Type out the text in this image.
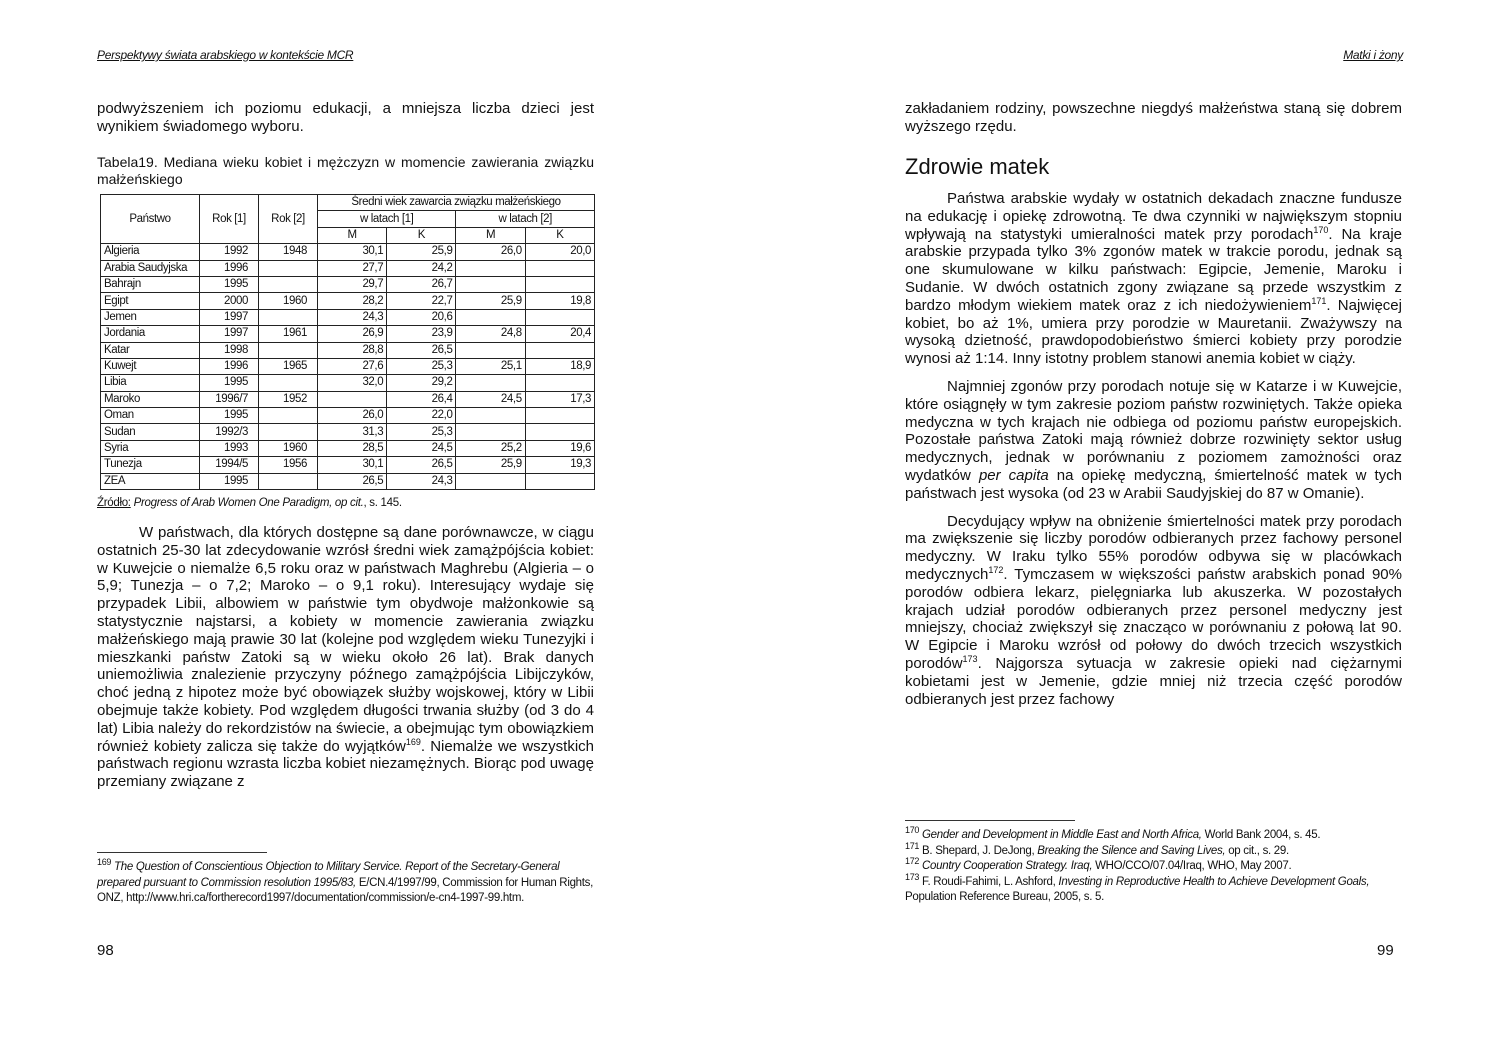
Perspektywy świata arabskiego w kontekście MCR

podwyższeniem ich poziomu edukacji, a mniejsza liczba dzieci jest wynikiem świadomego wyboru.

Tabela19. Mediana wieku kobiet i mężczyzn w momencie zawierania związku małżeńskiego
Państwo	Rok [1]	Rok [2]	Średni wiek zawarcia związku małżeńskiego			
			w latach [1]		w latach [2]	
			M	K	M	K
Algieria	1992	1948	30,1	25,9	26,0	20,0
Arabia Saudyjska	1996		27,7	24,2		
Bahrajn	1995		29,7	26,7		
Egipt	2000	1960	28,2	22,7	25,9	19,8
Jemen	1997		24,3	20,6		
Jordania	1997	1961	26,9	23,9	24,8	20,4
Katar	1998		28,8	26,5		
Kuwejt	1996	1965	27,6	25,3	25,1	18,9
Libia	1995		32,0	29,2		
Maroko	1996/7	1952		26,4	24,5	17,3
Oman	1995		26,0	22,0		
Sudan	1992/3		31,3	25,3		
Syria	1993	1960	28,5	24,5	25,2	19,6
Tunezja	1994/5	1956	30,1	26,5	25,9	19,3
ZEA	1995		26,5	24,3		
Źródło: Progress of Arab Women One Paradigm, op cit., s. 145.

W państwach, dla których dostępne są dane porównawcze, w ciągu ostatnich 25-30 lat zdecydowanie wzrósł średni wiek zamążpójścia kobiet: w Kuwejcie o niemalże 6,5 roku oraz w państwach Maghrebu (Algieria – o 5,9; Tunezja – o 7,2; Maroko – o 9,1 roku). Interesujący wydaje się przypadek Libii, albowiem w państwie tym obydwoje małżonkowie są statystycznie najstarsi, a kobiety w momencie zawierania związku małżeńskiego mają prawie 30 lat (kolejne pod względem wieku Tunezyjki i mieszkanki państw Zatoki są w wieku około 26 lat). Brak danych uniemożliwia znalezienie przyczyny późnego zamążpójścia Libijczyków, choć jedną z hipotez może być obowiązek służby wojskowej, który w Libii obejmuje także kobiety. Pod względem długości trwania służby (od 3 do 4 lat) Libia należy do rekordzistów na świecie, a obejmując tym obowiązkiem również kobiety zalicza się także do wyjątków$^{169}$. Niemalże we wszystkich państwach regionu wzrasta liczba kobiet niezamężnych. Biorąc pod uwagę przemiany związane z

$^{169}$ The Question of Conscientious Objection to Military Service. Report of the Secretary-General prepared pursuant to Commission resolution 1995/83, E/CN.4/1997/99, Commission for Human Rights, ONZ, http://www.hri.ca/fortherecord1997/documentation/commission/e-cn4-1997-99.htm.

98
Matki i żony

zakładaniem rodziny, powszechne niegdyś małżeństwa staną się dobrem wyższego rzędu.

Zdrowie matek

Państwa arabskie wydały w ostatnich dekadach znaczne fundusze na edukację i opiekę zdrowotną. Te dwa czynniki w największym stopniu wpływają na statystyki umieralności matek przy porodach$^{170}$. Na kraje arabskie przypada tylko 3% zgonów matek w trakcie porodu, jednak są one skumulowane w kilku państwach: Egipcie, Jemenie, Maroku i Sudanie. W dwóch ostatnich zgony związane są przede wszystkim z bardzo młodym wiekiem matek oraz z ich niedożywieniem$^{171}$. Najwięcej kobiet, bo aż 1%, umiera przy porodzie w Mauretanii. Zważywszy na wysoką dzietność, prawdopodobieństwo śmierci kobiety przy porodzie wynosi aż 1:14. Inny istotny problem stanowi anemia kobiet w ciąży.

Najmniej zgonów przy porodach notuje się w Katarze i w Kuwejcie, które osiągnęły w tym zakresie poziom państw rozwiniętych. Także opieka medyczna w tych krajach nie odbiega od poziomu państw europejskich. Pozostałe państwa Zatoki mają również dobrze rozwinięty sektor usług medycznych, jednak w porównaniu z poziomem zamożności oraz wydatków per capita na opiekę medyczną, śmiertelność matek w tych państwach jest wysoka (od 23 w Arabii Saudyjskiej do 87 w Omanie).

Decydujący wpływ na obniżenie śmiertelności matek przy porodach ma zwiększenie się liczby porodów odbieranych przez fachowy personel medyczny. W Iraku tylko 55% porodów odbywa się w placówkach medycznych$^{172}$. Tymczasem w większości państw arabskich ponad 90% porodów odbiera lekarz, pielęgniarka lub akuszerka. W pozostałych krajach udział porodów odbieranych przez personel medyczny jest mniejszy, chociaż zwiększył się znacząco w porównaniu z połową lat 90. W Egipcie i Maroku wzrósł od połowy do dwóch trzecich wszystkich porodów$^{173}$. Najgorsza sytuacja w zakresie opieki nad ciężarnymi kobietami jest w Jemenie, gdzie mniej niż trzecia część porodów odbieranych jest przez fachowy

$^{170}$ Gender and Development in Middle East and North Africa, World Bank 2004, s. 45.

$^{171}$ B. Shepard, J. DeJong, Breaking the Silence and Saving Lives, op cit., s. 29.

$^{172}$ Country Cooperation Strategy. Iraq, WHO/CCO/07.04/Iraq, WHO, May 2007.

$^{173}$ F. Roudi-Fahimi, L. Ashford, Investing in Reproductive Health to Achieve Development Goals, Population Reference Bureau, 2005, s. 5.

99
